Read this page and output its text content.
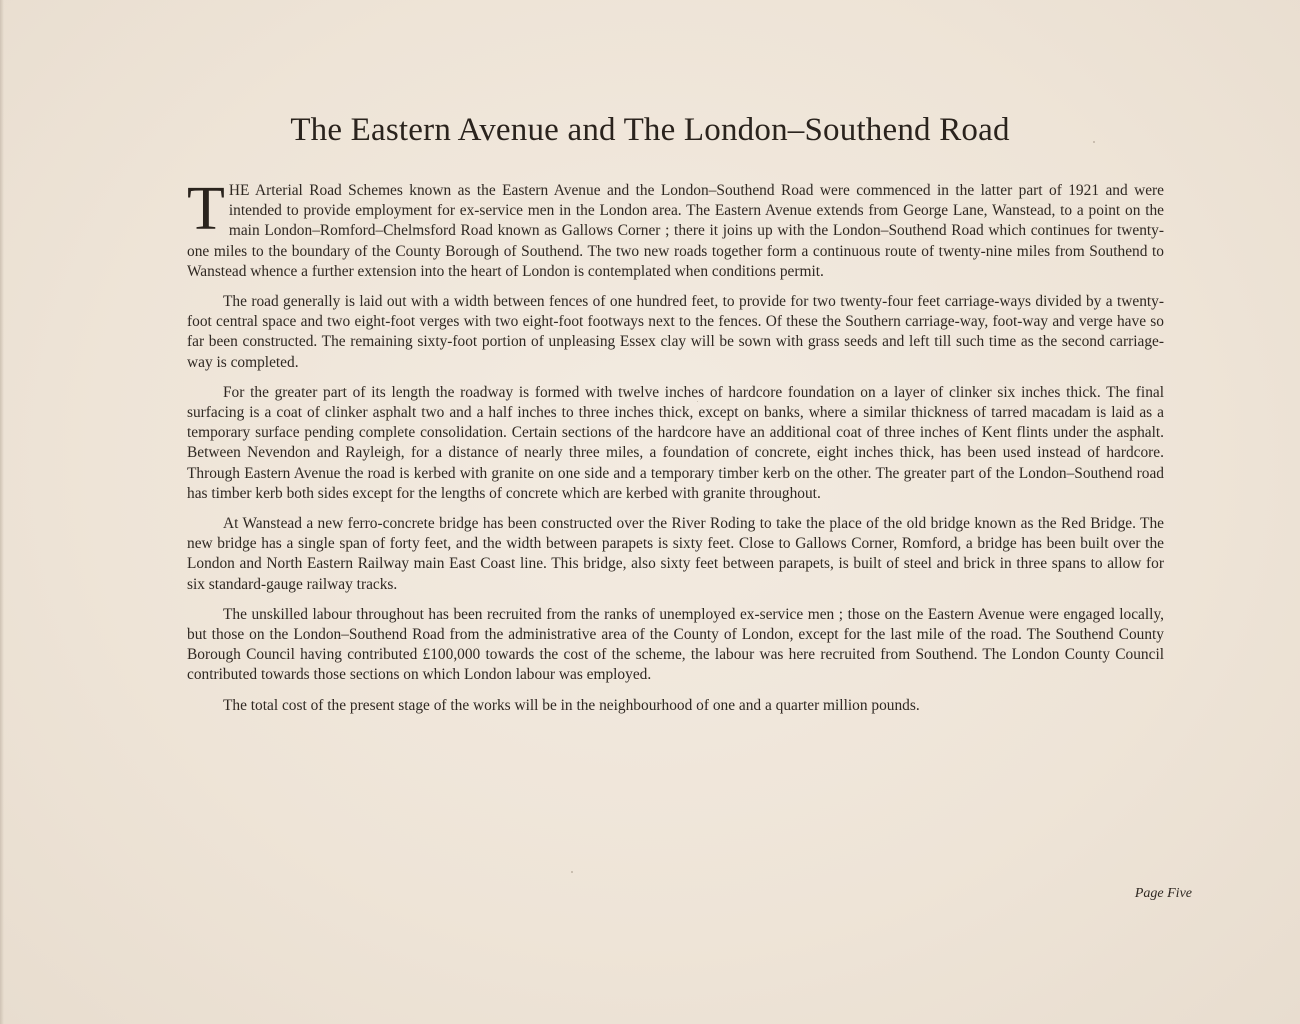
The Eastern Avenue and The London–Southend Road

THE Arterial Road Schemes known as the Eastern Avenue and the London–Southend Road were commenced in the latter part of 1921 and were intended to provide employment for ex-service men in the London area. The Eastern Avenue extends from George Lane, Wanstead, to a point on the main London–Romford–Chelmsford Road known as Gallows Corner ; there it joins up with the London–Southend Road which continues for twenty-one miles to the boundary of the County Borough of Southend. The two new roads together form a continuous route of twenty-nine miles from Southend to Wanstead whence a further extension into the heart of London is contemplated when conditions permit.

The road generally is laid out with a width between fences of one hundred feet, to provide for two twenty-four feet carriage-ways divided by a twenty-foot central space and two eight-foot verges with two eight-foot footways next to the fences. Of these the Southern carriage-way, foot-way and verge have so far been constructed. The remaining sixty-foot portion of unpleasing Essex clay will be sown with grass seeds and left till such time as the second carriage-way is completed.

For the greater part of its length the roadway is formed with twelve inches of hardcore foundation on a layer of clinker six inches thick. The final surfacing is a coat of clinker asphalt two and a half inches to three inches thick, except on banks, where a similar thickness of tarred macadam is laid as a temporary surface pending complete consolidation. Certain sections of the hardcore have an additional coat of three inches of Kent flints under the asphalt. Between Nevendon and Rayleigh, for a distance of nearly three miles, a foundation of concrete, eight inches thick, has been used instead of hardcore. Through Eastern Avenue the road is kerbed with granite on one side and a temporary timber kerb on the other. The greater part of the London–Southend road has timber kerb both sides except for the lengths of concrete which are kerbed with granite throughout.

At Wanstead a new ferro-concrete bridge has been constructed over the River Roding to take the place of the old bridge known as the Red Bridge. The new bridge has a single span of forty feet, and the width between parapets is sixty feet. Close to Gallows Corner, Romford, a bridge has been built over the London and North Eastern Railway main East Coast line. This bridge, also sixty feet between parapets, is built of steel and brick in three spans to allow for six standard-gauge railway tracks.

The unskilled labour throughout has been recruited from the ranks of unemployed ex-service men ; those on the Eastern Avenue were engaged locally, but those on the London–Southend Road from the administrative area of the County of London, except for the last mile of the road. The Southend County Borough Council having contributed £100,000 towards the cost of the scheme, the labour was here recruited from Southend. The London County Council contributed towards those sections on which London labour was employed.

The total cost of the present stage of the works will be in the neighbourhood of one and a quarter million pounds.

Page Five
